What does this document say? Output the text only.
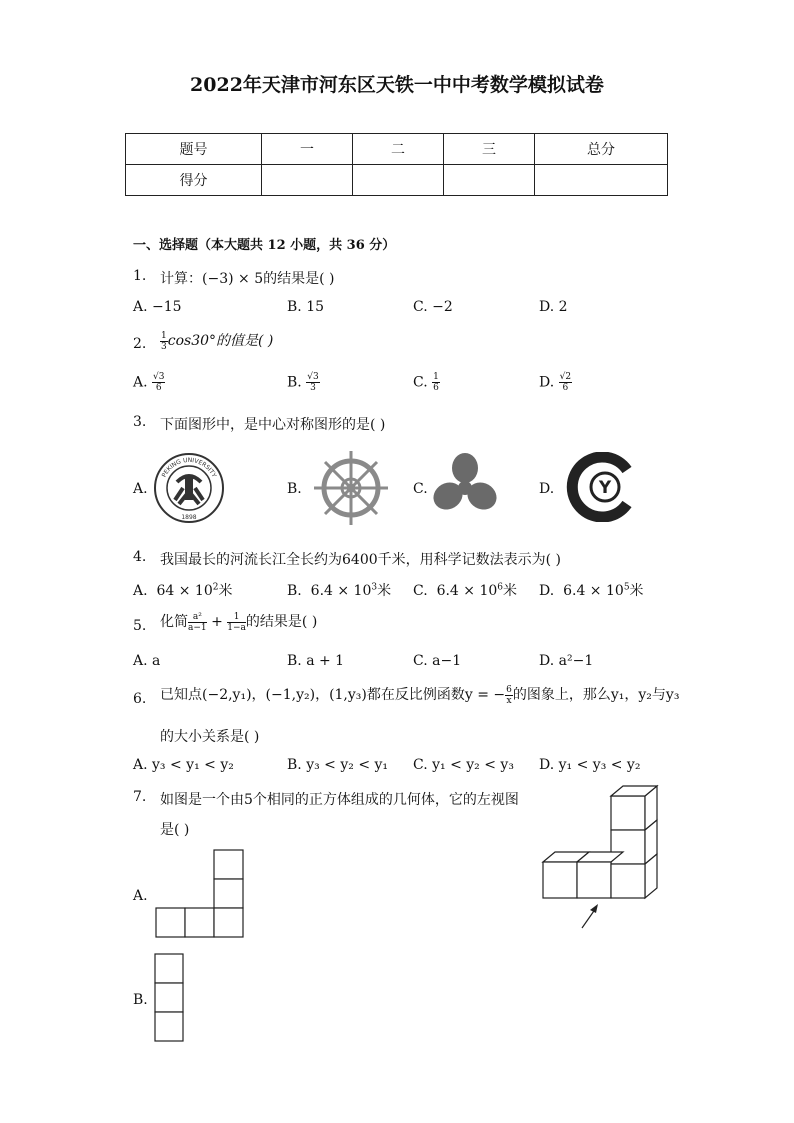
2022年天津市河东区天铁一中中考数学模拟试卷
题号	一	二	三	总分
得分				
一、选择题（本大题共 12 小题，共 36 分）
1. 计算：(−3) × 5的结果是( )
A. −15	B. 15	C. −2	D. 2
2. $\frac{1}{3} \cos 30^\circ$的值是( )
A. $\frac{√3}{6}$	B. $\frac{√3}{3}$	C. $\frac{1}{6}$	D. $\frac{√2}{6}$
3. 下面图形中，是中心对称图形的是( )
A.
PEKING UNIVERSITY
1898
B.	C.	D.	Y
4. 我国最长的河流长江全长约为6400千米，用科学记数法表示为( )
A. $64 \times 10^2$米	B. $6.4 \times 10^3$米 C. $6.4 \times 10^6$米 D. $6.4 \times 10^5$米
5. 化简 $\frac{\text{a²}}{a-1} + \frac{1}{1-a}$ 的结果是( )
A. a	B. a + 1	C. a−1	D. a²−1
6. 已知点(−2,y₁)，(−1,y₂)，(1,y₃)都在反比例函数y = − $\frac{6}{x}$ 的图象上，那么y₁，y₂与y₃
的大小关系是( )
A. y₃ < y₁ < y₂	B. y₃ < y₂ < y₁ C. y₁ < y₂ < y₃ D. y₁ < y₃ < y₂
7. 如图是一个由5个相同的正方体组成的几何体，它的左视图
是( )
A.
B.
